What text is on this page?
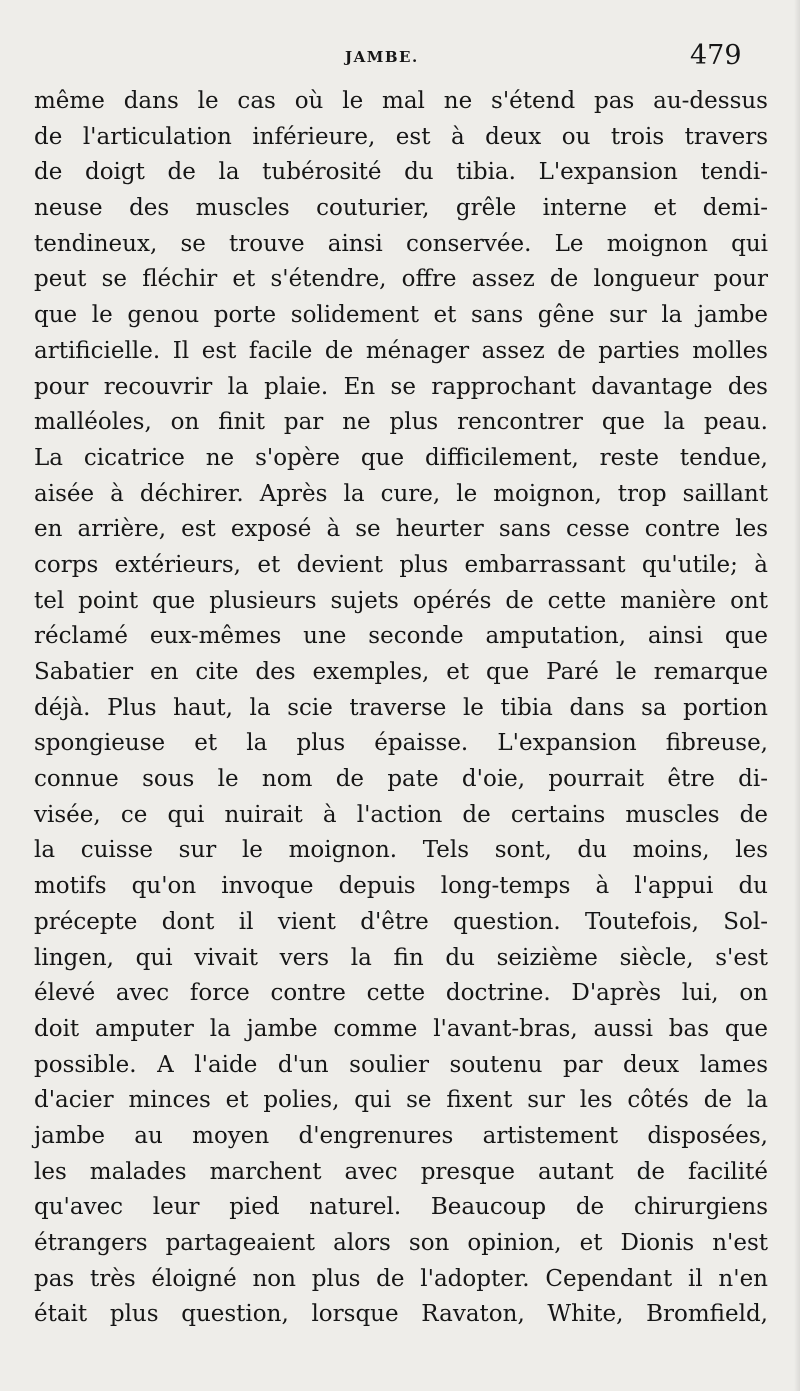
JAMBE.	479
même dans le cas où le mal ne s'étend pas au-dessus
de l'articulation inférieure, est à deux ou trois travers
de doigt de la tubérosité du tibia. L'expansion tendi-
neuse des muscles couturier, grêle interne et demi-
tendineux, se trouve ainsi conservée. Le moignon qui
peut se fléchir et s'étendre, offre assez de longueur pour
que le genou porte solidement et sans gêne sur la jambe
artificielle. Il est facile de ménager assez de parties molles
pour recouvrir la plaie. En se rapprochant davantage des
malléoles, on finit par ne plus rencontrer que la peau.
La cicatrice ne s'opère que difficilement, reste tendue,
aisée à déchirer. Après la cure, le moignon, trop saillant
en arrière, est exposé à se heurter sans cesse contre les
corps extérieurs, et devient plus embarrassant qu'utile; à
tel point que plusieurs sujets opérés de cette manière ont
réclamé eux-mêmes une seconde amputation, ainsi que
Sabatier en cite des exemples, et que Paré le remarque
déjà. Plus haut, la scie traverse le tibia dans sa portion
spongieuse et la plus épaisse. L'expansion fibreuse,
connue sous le nom de pate d'oie, pourrait être di-
visée, ce qui nuirait à l'action de certains muscles de
la cuisse sur le moignon. Tels sont, du moins, les
motifs qu'on invoque depuis long-temps à l'appui du
précepte dont il vient d'être question. Toutefois, Sol-
lingen, qui vivait vers la fin du seizième siècle, s'est
élevé avec force contre cette doctrine. D'après lui, on
doit amputer la jambe comme l'avant-bras, aussi bas que
possible. A l'aide d'un soulier soutenu par deux lames
d'acier minces et polies, qui se fixent sur les côtés de la
jambe au moyen d'engrenures artistement disposées,
les malades marchent avec presque autant de facilité
qu'avec leur pied naturel. Beaucoup de chirurgiens
étrangers partageaient alors son opinion, et Dionis n'est
pas très éloigné non plus de l'adopter. Cependant il n'en
était plus question, lorsque Ravaton, White, Bromfield,
